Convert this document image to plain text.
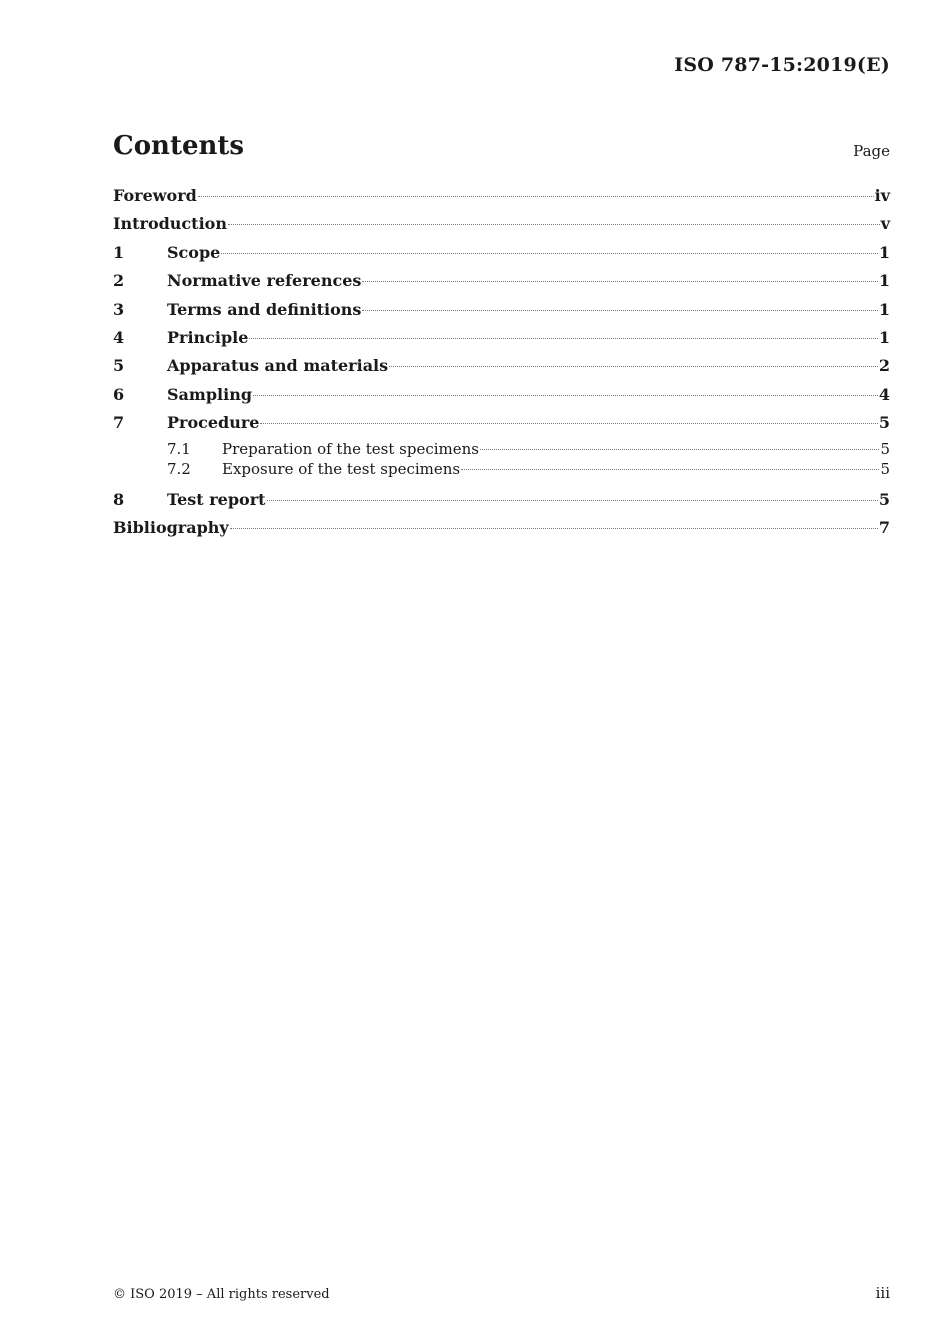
ISO 787-15:2019(E)
Contents	Page
Foreword	iv
Introduction	v
1	Scope	1
2	Normative references	1
3	Terms and definitions	1
4	Principle	1
5	Apparatus and materials	2
6	Sampling	4
7	Procedure	5
7.1	Preparation of the test specimens	5
7.2	Exposure of the test specimens	5
8	Test report	5
Bibliography	7
© ISO 2019 – All rights reserved	iii
